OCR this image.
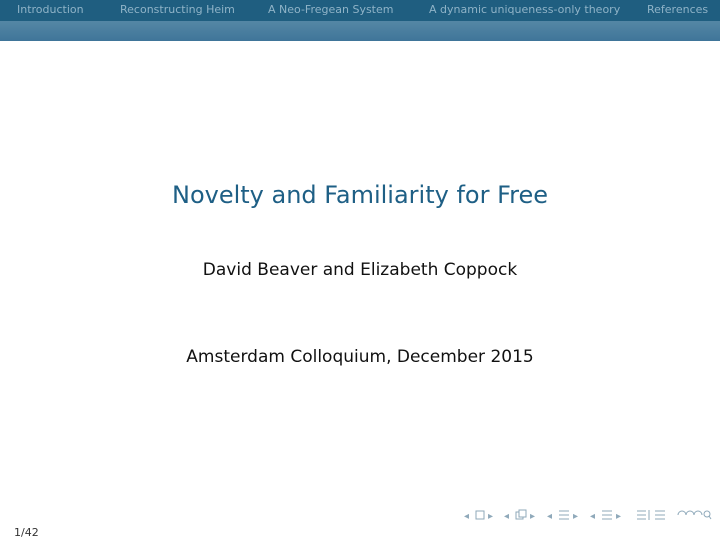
Introduction	Reconstructing Heim	A Neo-Fregean System	A dynamic uniqueness-only theory References
Novelty and Familiarity for Free
David Beaver and Elizabeth Coppock
Amsterdam Colloquium, December 2015
◂ ▸ ◂ ▸ ◂ ▸ ◂ ▸
1/42
